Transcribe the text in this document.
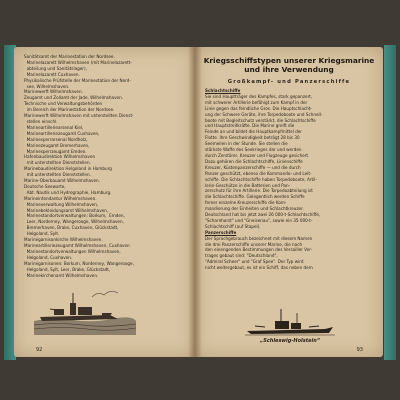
Sanitätsamt der Marinestation der Nordsee.
Marinelazarett Wilhelmshaven (mit Marinelazarett-
abteilung und Sanitätslager),
Marinelazarett Cuxhaven.
Physikalische Prüfstelle der Marinestation der Nord-
see, Wilhelmshaven.
Marinewerft Wilhelmshaven.
Zeugamt und Zollamt der Jade, Wilhelmshaven.
Technische und Verwaltungsbehörden
im Bereich der Marinestation der Nordsee.
Marinewerft Wilhelmshaven mit unterstellten Dienst-
stellen einschl.
Marineartilleriearsenal Kiel,
Marineartilleriezeugamt Cuxhaven,
Marinesperrarsenal Nordholz,
Marinezeugamt Bremerhaven,
Marinesperrzeugamt Emden.
Hafenbaudirektion Wilhelmshaven
mit unterstellten Dienststellen.
Marinebaudirektion Helgoland in Hamburg
mit unterstellten Dienststellen.
Marine-Oberbauamt Wilhelmshaven.
Deutsche Seewarte,
Abt. Nautik und Hydrographie, Hamburg.
Marineintendantur Wilhelmshaven.
Marineverwaltung Wilhelmshaven,
Marinebekleidungsamt Wilhelmshaven,
Marinestandortverwaltungen: Borkum,  Emden,
Leer, Norderney, Wangerooge, Wilhelmshaven,
Bremerhaven, Brake, Cuxhaven, Glückstadt,
Helgoland, Sylt.
Marinegarnisonkirche Wilhelmshaven.
Marineartilleriezeugamt Wilhelmshaven, Cuxhaven
Marinestandortverwaltungen Wilhelmshaven,
Helgoland, Cuxhaven.
Marinegarnisonen: Borkum, Norderney, Wangerooge,
Helgoland, Sylt, Leer, Brake, Glückstadt,
Marinekirchenamt Wilhelmshaven.
92
Kriegsschiffstypen unserer Kriegsmarine
und ihre Verwendung
Großkampf- und Panzerschiffe
Schlachtschiffe
Sie sind Hauptträger des Kampfes, stark gepanzert,
mit schwerer Artillerie befähigt zum Kampf in der
Linie gegen das feindliche Gros. Die Hauptschlacht-
ung der Schwere Geräte, ihre Torpedoboote und Schnell-
boote mit Begleitschutz verstärkt, die Schlachtschiffe
und Hauptstreitkräfte. Die Marine greift die
Feinde an und bildet die Hauptkampfmittel der
Flotte. Ihre Geschwindigkeit beträgt 28 bis 30
Seemeilen in der Stunde. Sie stellen die
stärkste Waffe des Seekrieges dar und werden
durch Zerstörer, Kreuzer und Flugzeuge gesichert.
Dazu gehören die Schlachtschiffe, Linienschiffe
Kreuzer, Küstenpanzerschiffe — und die durch
Panzer geschützt, ebenso die Kommando- und Leit-
schiffe. Die Schlachtschiffe haben Torpedoboote, Artil-
lerie-Geschütze in die Batterien und Pan-
zerschutz für ihre Artillerie. Die Torpedoabteilung ist
die Schlachtschiffe. Gelegentlich werden Schiffe
ferner einzelne Kreuzerschiffe die Kom-
mandierung der Einheiten und Schlachtkreuzer.
Deutschland hat bis jetzt zwei 26 000-t-Schlachtschiffe,
"Scharnhorst" und "Gneisenau", sowie ein 35 000-t-
Schlachtschiff (auf Stapel).
Panzerschiffe
Der Sprachgebrauch bezeichnet mit diesem Namen
die drei Panzerschiffe unserer Marine, die nach
den einengenden Bestimmungen des Versailler Ver-
trages gebaut sind: "Deutschland",
"Admiral Scheer" und "Graf Spee". Der Typ wird
nicht weitergebaut, es ist ein Schiff, das neben dem
„Schleswig-Holstein“
93
